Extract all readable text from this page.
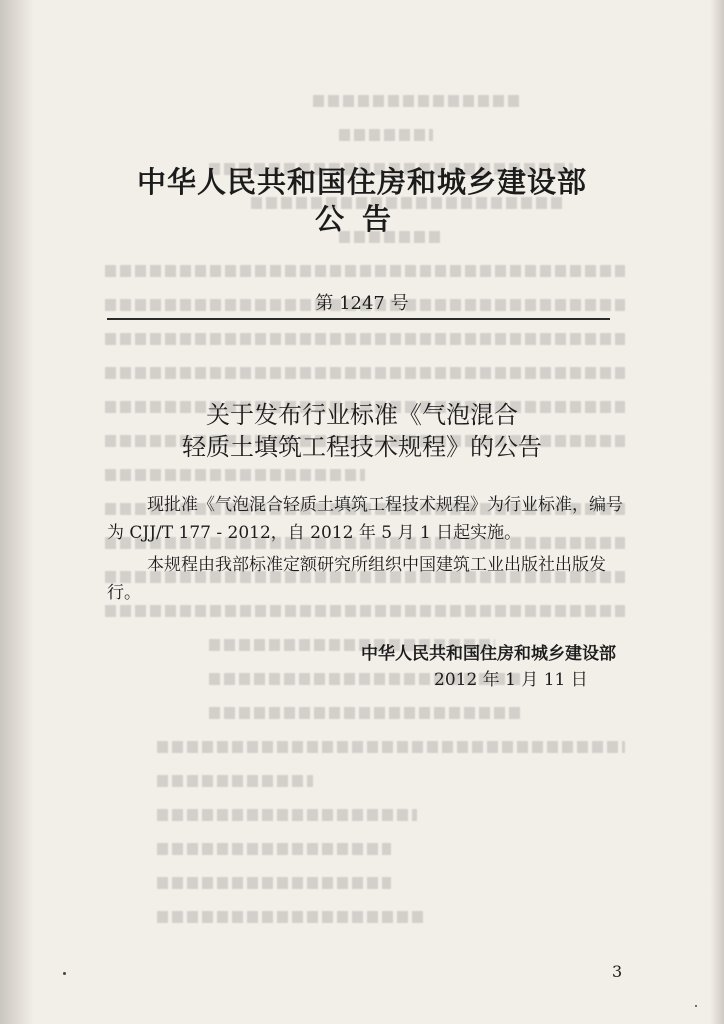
中华人民共和国住房和城乡建设部
公告
第 1247 号
关于发布行业标准《气泡混合
轻质土填筑工程技术规程》的公告
现批准《气泡混合轻质土填筑工程技术规程》为行业标准，编号为 CJJ/T 177 - 2012，自 2012 年 5 月 1 日起实施。
本规程由我部标准定额研究所组织中国建筑工业出版社出版发行。
中华人民共和国住房和城乡建设部
2012 年 1 月 11 日
3
